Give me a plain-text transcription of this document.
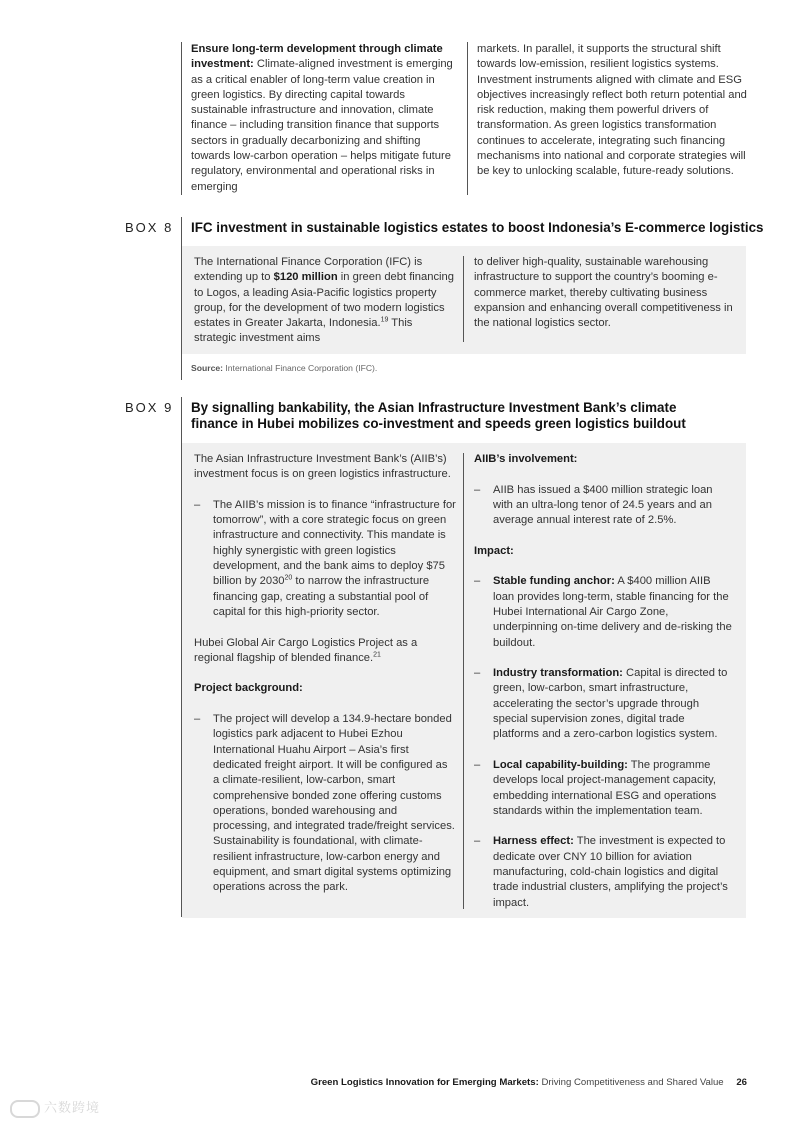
Ensure long-term development through climate investment: Climate-aligned investment is emerging as a critical enabler of long-term value creation in green logistics. By directing capital towards sustainable infrastructure and innovation, climate finance – including transition finance that supports sectors in gradually decarbonizing and shifting towards low-carbon operation – helps mitigate future regulatory, environmental and operational risks in emerging

markets. In parallel, it supports the structural shift towards low-emission, resilient logistics systems. Investment instruments aligned with climate and ESG objectives increasingly reflect both return potential and risk reduction, making them powerful drivers of transformation. As green logistics transformation continues to accelerate, integrating such financing mechanisms into national and corporate strategies will be key to unlocking scalable, future-ready solutions.

BOX 8 IFC investment in sustainable logistics estates to boost Indonesia’s E-commerce logistics

The International Finance Corporation (IFC) is extending up to $120 million in green debt financing to Logos, a leading Asia-Pacific logistics property group, for the development of two modern logistics estates in Greater Jakarta, Indonesia.$^{19}$ This strategic investment aims

to deliver high-quality, sustainable warehousing infrastructure to support the country’s booming e-commerce market, thereby cultivating business expansion and enhancing overall competitiveness in the national logistics sector.

Source: International Finance Corporation (IFC).
BOX 9 By signalling bankability, the Asian Infrastructure Investment Bank’s climate
finance in Hubei mobilizes co-investment and speeds green logistics buildout

The Asian Infrastructure Investment Bank’s (AIIB’s) investment focus is on green logistics infrastructure.

– The AIIB’s mission is to finance “infrastructure for tomorrow”, with a core strategic focus on green infrastructure and connectivity. This mandate is highly synergistic with green logistics development, and the bank aims to deploy $75 billion by 2030$^{20}$ to narrow the infrastructure financing gap, creating a substantial pool of capital for this high-priority sector.

Hubei Global Air Cargo Logistics Project as a regional flagship of blended finance.$^{21}$

Project background:

– The project will develop a 134.9-hectare bonded logistics park adjacent to Hubei Ezhou International Huahu Airport – Asia’s first dedicated freight airport. It will be configured as a climate-resilient, low-carbon, smart comprehensive bonded zone offering customs operations, bonded warehousing and processing, and integrated trade/freight services. Sustainability is foundational, with climate-resilient infrastructure, low-carbon energy and equipment, and smart digital systems optimizing operations across the park.

AIIB’s involvement:

– AIIB has issued a $400 million strategic loan with an ultra-long tenor of 24.5 years and an average annual interest rate of 2.5%.

Impact:

– Stable funding anchor: A $400 million AIIB loan provides long-term, stable financing for the Hubei International Air Cargo Zone, underpinning on-time delivery and de-risking the buildout.

– Industry transformation: Capital is directed to green, low-carbon, smart infrastructure, accelerating the sector’s upgrade through special supervision zones, digital trade platforms and a zero-carbon logistics system.

– Local capability-building: The programme develops local project-management capacity, embedding international ESG and operations standards within the implementation team.

– Harness effect: The investment is expected to dedicate over CNY 10 billion for aviation manufacturing, cold-chain logistics and digital trade industrial clusters, amplifying the project’s impact.

Green Logistics Innovation for Emerging Markets: Driving Competitiveness and Shared Value 26
六数跨境
